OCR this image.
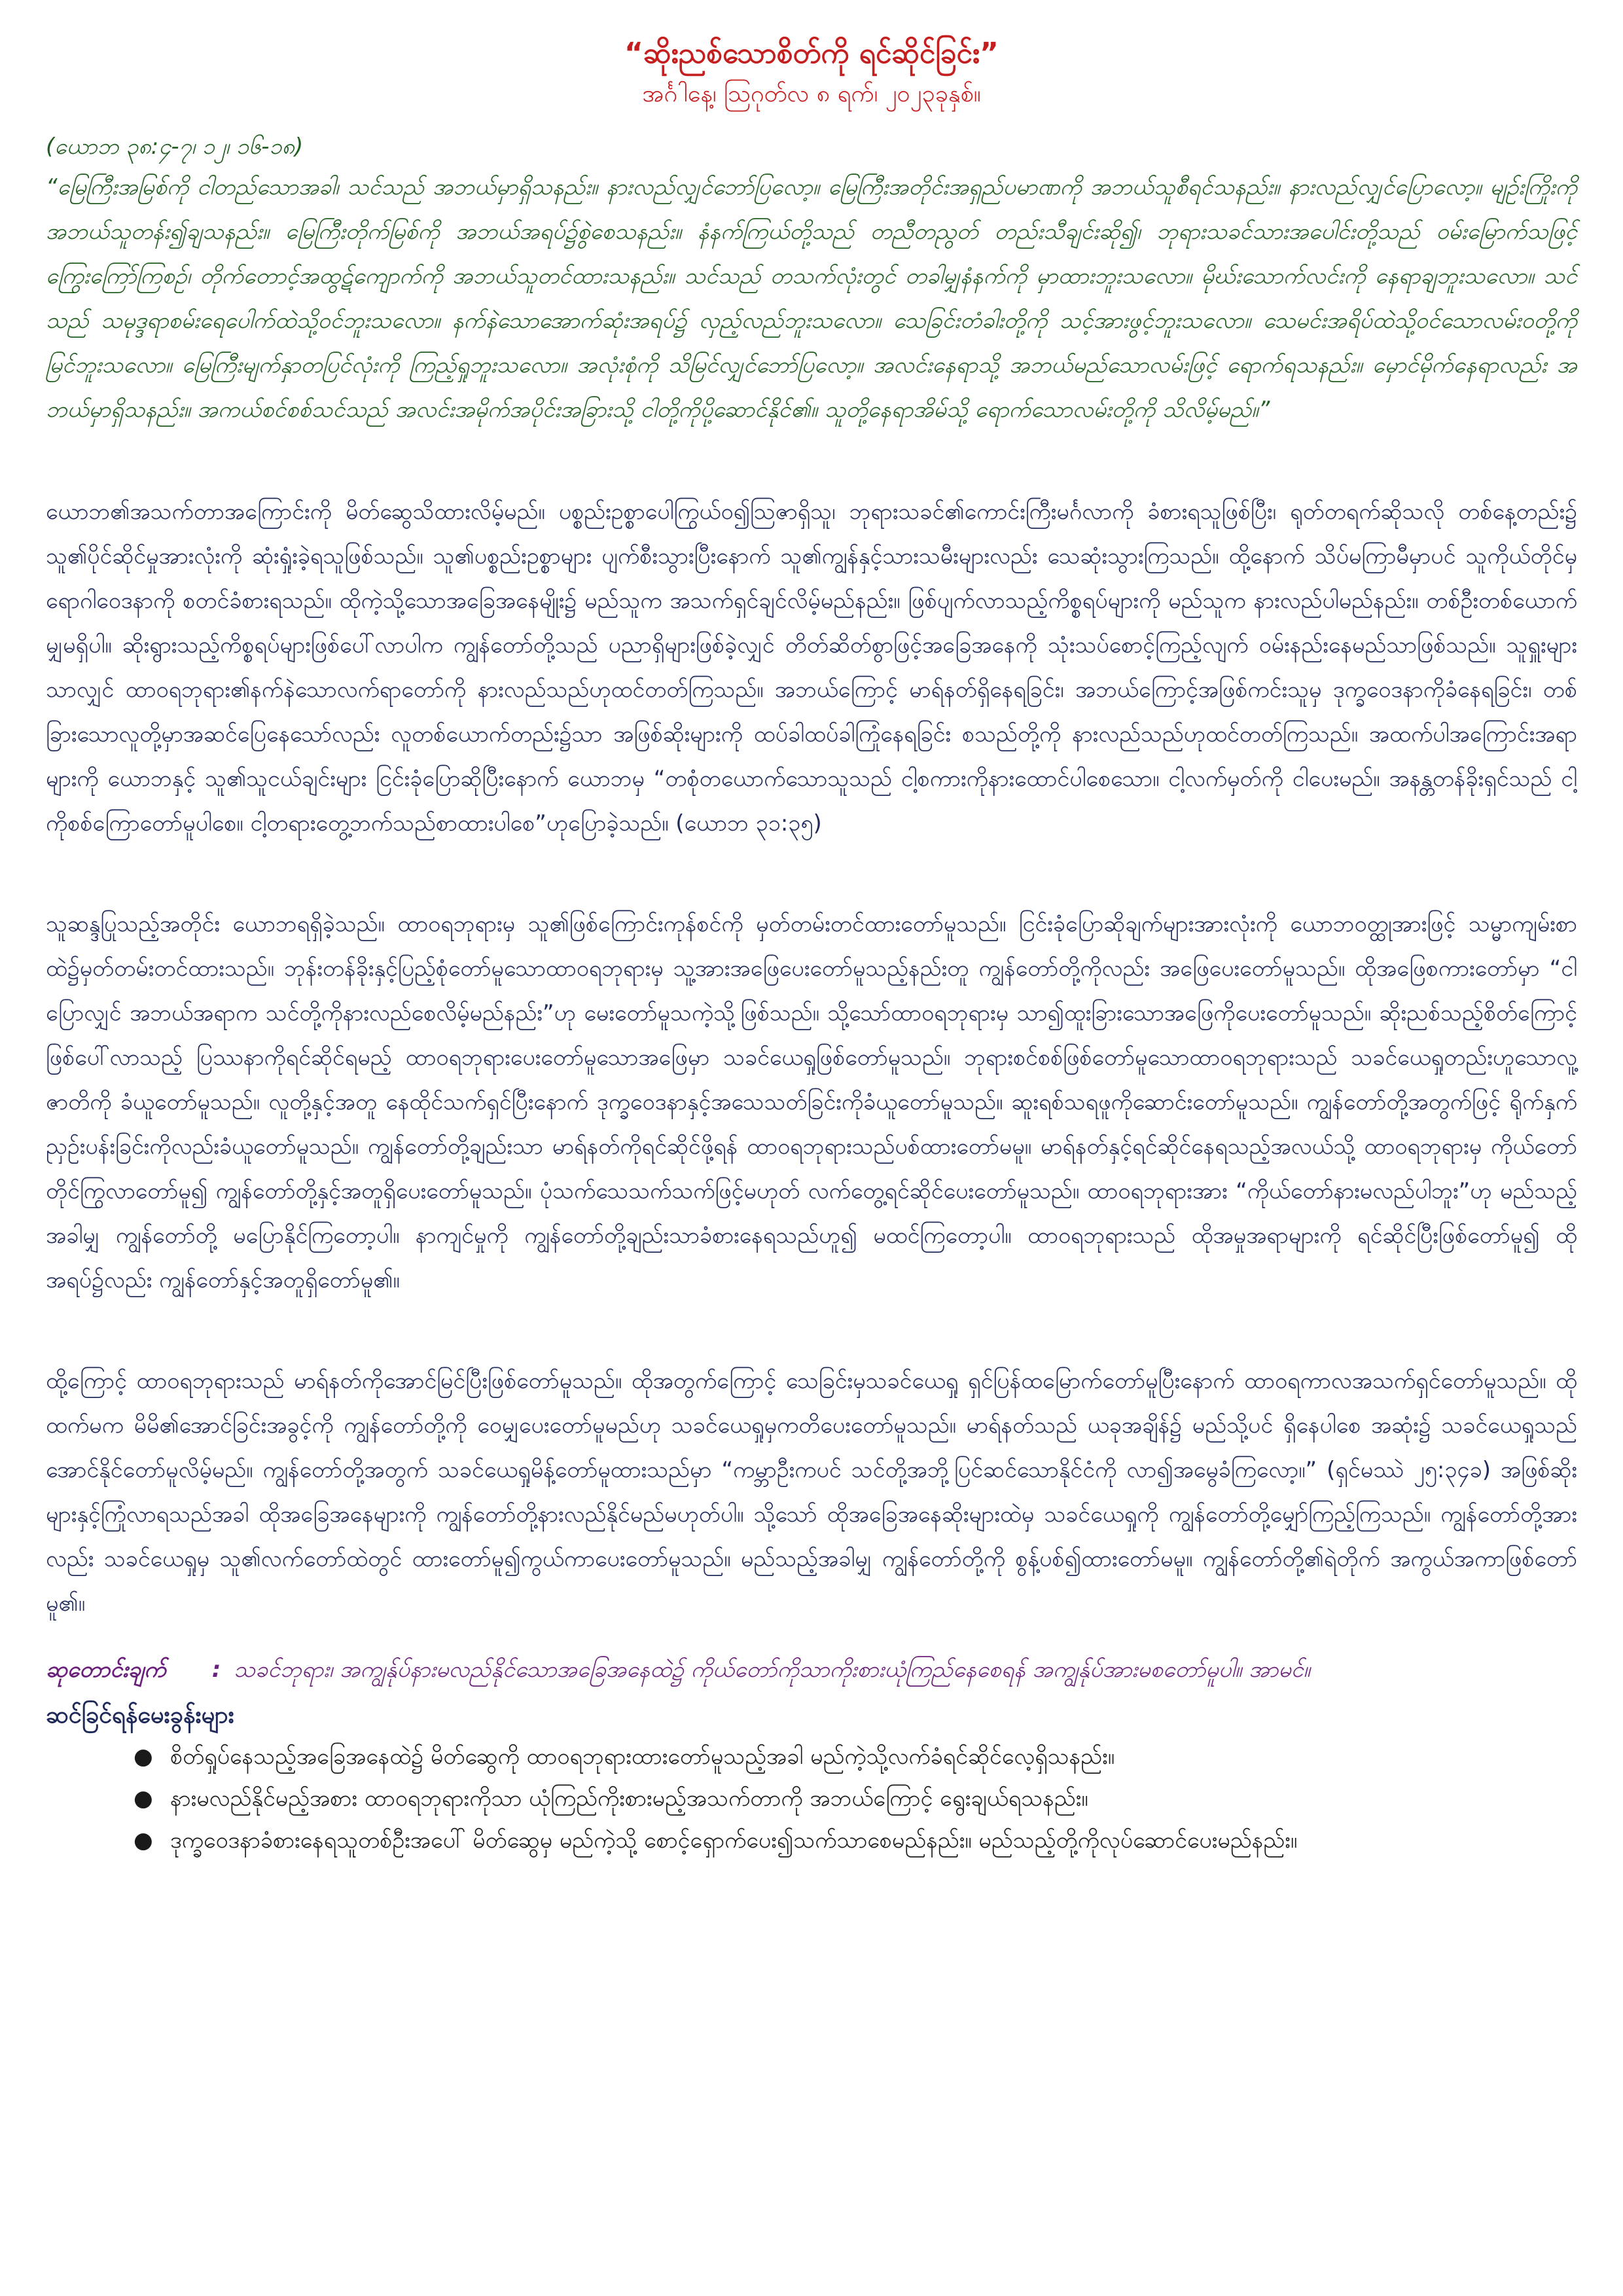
“ဆိုးညစ်သောစိတ်ကို ရင်ဆိုင်ခြင်း”

အင်္ဂါနေ့၊ ဩဂုတ်လ ၈ ရက်၊ ၂၀၂၃ခုနှစ်။

(ယောဘ ၃၈:၄-၇၊ ၁၂၊ ၁၆-၁၈)

“မြေကြီးအမြစ်ကို ငါတည်သောအခါ၊ သင်သည် အဘယ်မှာရှိသနည်း။ နားလည်လျှင်ဘော်ပြလော့။ မြေကြီးအတိုင်းအရှည်ပမာဏကို အဘယ်သူစီရင်သနည်း။ နားလည်လျှင်ပြောလော့။ မျဉ်းကြိုးကို အဘယ်သူတန်း၍ချသနည်း။ မြေကြီးတိုက်မြစ်ကို အဘယ်အရပ်၌စွဲစေသနည်း။ နံနက်ကြယ်တို့သည် တညီတညွတ် တည်းသီချင်းဆို၍၊ ဘုရားသခင်သားအပေါင်းတို့သည် ဝမ်းမြောက်သဖြင့် ကြွေးကြော်ကြစဉ်၊ တိုက်တောင့်အထွဋ်ကျောက်ကို အဘယ်သူတင်ထားသနည်း။ သင်သည် တသက်လုံးတွင် တခါမျှနံနက်ကို မှာထားဘူးသလော။ မိုဃ်းသောက်လင်းကို နေရာချဘူးသလော။ သင်သည် သမုဒ္ဒရာစမ်းရေပေါက်ထဲသို့ဝင်ဘူးသလော။ နက်နဲသောအောက်ဆုံးအရပ်၌ လှည့်လည်ဘူးသလော။ သေခြင်းတံခါးတို့ကို သင့်အားဖွင့်ဘူးသလော။ သေမင်းအရိပ်ထဲသို့ဝင်သောလမ်းဝတို့ကို မြင်ဘူးသလော။ မြေကြီးမျက်နှာတပြင်လုံးကို ကြည့်ရှုဘူးသလော။ အလုံးစုံကို သိမြင်လျှင်ဘော်ပြလော့။ အလင်းနေရာသို့ အဘယ်မည်သောလမ်းဖြင့် ရောက်ရသနည်း။ မှောင်မိုက်နေရာလည်း အဘယ်မှာရှိသနည်း။ အကယ်စင်စစ်သင်သည် အလင်းအမိုက်အပိုင်းအခြားသို့ ငါတို့ကိုပို့ဆောင်နိုင်၏။ သူတို့နေရာအိမ်သို့ ရောက်သောလမ်းတို့ကို သိလိမ့်မည်။”

ယောဘ၏အသက်တာအကြောင်းကို မိတ်ဆွေသိထားလိမ့်မည်။ ပစ္စည်းဥစ္စာပေါကြွယ်ဝ၍သြဇာရှိသူ၊ ဘုရားသခင်၏ကောင်းကြီးမင်္ဂလာကို ခံစားရသူဖြစ်ပြီး၊ ရုတ်တရက်ဆိုသလို တစ်နေ့တည်း၌ သူ၏ပိုင်ဆိုင်မှုအားလုံးကို ဆုံးရှုံးခဲ့ရသူဖြစ်သည်။ သူ၏ပစ္စည်းဥစ္စာများ ပျက်စီးသွားပြီးနောက် သူ၏ကျွန်နှင့်သားသမီးများလည်း သေဆုံးသွားကြသည်။ ထို့နောက် သိပ်မကြာမီမှာပင် သူကိုယ်တိုင်မှ ရောဂါဝေဒနာကို စတင်ခံစားရသည်။ ထိုကဲ့သို့သောအခြေအနေမျိုး၌ မည်သူက အသက်ရှင်ချင်လိမ့်မည်နည်း။ ဖြစ်ပျက်လာသည့်ကိစ္စရပ်များကို မည်သူက နားလည်ပါမည်နည်း။ တစ်ဦးတစ်ယောက်မျှမရှိပါ။ ဆိုးရွားသည့်ကိစ္စရပ်များဖြစ်ပေါ်လာပါက ကျွန်တော်တို့သည် ပညာရှိများဖြစ်ခဲ့လျှင် တိတ်ဆိတ်စွာဖြင့်အခြေအနေကို သုံးသပ်စောင့်ကြည့်လျက် ဝမ်းနည်းနေမည်သာဖြစ်သည်။ သူရှူးများသာလျှင် ထာဝရဘုရား၏နက်နဲသောလက်ရာတော်ကို နားလည်သည်ဟုထင်တတ်ကြသည်။ အဘယ်ကြောင့် မာရ်နတ်ရှိနေရခြင်း၊ အဘယ်ကြောင့်အဖြစ်ကင်းသူမှ ဒုက္ခဝေဒနာကိုခံနေရခြင်း၊ တစ်ခြားသောလူတို့မှာအဆင်ပြေနေသော်လည်း လူတစ်ယောက်တည်း၌သာ အဖြစ်ဆိုးများကို ထပ်ခါထပ်ခါကြုံနေရခြင်း စသည်တို့ကို နားလည်သည်ဟုထင်တတ်ကြသည်။ အထက်ပါအကြောင်းအရာများကို ယောဘနှင့် သူ၏သူငယ်ချင်းများ ငြင်းခုံပြောဆိုပြီးနောက် ယောဘမှ “တစုံတယောက်သောသူသည် ငါ့စကားကိုနားထောင်ပါစေသော။ ငါ့လက်မှတ်ကို ငါပေးမည်။ အနန္တတန်ခိုးရှင်သည် ငါ့ကိုစစ်ကြောတော်မူပါစေ။ ငါ့တရားတွေ့ဘက်သည်စာထားပါစေ”ဟုပြောခဲ့သည်။ (ယောဘ ၃၁:၃၅)

သူဆန္ဒပြုသည့်အတိုင်း ယောဘရရှိခဲ့သည်။ ထာဝရဘုရားမှ သူ၏ဖြစ်ကြောင်းကုန်စင်ကို မှတ်တမ်းတင်ထားတော်မူသည်။ ငြင်းခုံပြောဆိုချက်များအားလုံးကို ယောဘဝတ္ထုအားဖြင့် သမ္မာကျမ်းစာထဲ၌မှတ်တမ်းတင်ထားသည်။ ဘုန်းတန်ခိုးနှင့်ပြည့်စုံတော်မူသောထာဝရဘုရားမှ သူ့အားအဖြေပေးတော်မူသည့်နည်းတူ ကျွန်တော်တို့ကိုလည်း အဖြေပေးတော်မူသည်။ ထိုအဖြေစကားတော်မှာ “ငါပြောလျှင် အဘယ်အရာက သင်တို့ကိုနားလည်စေလိမ့်မည်နည်း”ဟု မေးတော်မူသကဲ့သို့ဖြစ်သည်။ သို့သော်ထာဝရဘုရားမှ သာ၍ထူးခြားသောအဖြေကိုပေးတော်မူသည်။ ဆိုးညစ်သည့်စိတ်ကြောင့်ဖြစ်ပေါ်လာသည့် ပြဿနာကိုရင်ဆိုင်ရမည့် ထာဝရဘုရားပေးတော်မူသောအဖြေမှာ သခင်ယေရှုဖြစ်တော်မူသည်။ ဘုရားစင်စစ်ဖြစ်တော်မူသောထာဝရဘုရားသည် သခင်ယေရှုတည်းဟူသောလူ့ဇာတိကို ခံယူတော်မူသည်။ လူတို့နှင့်အတူ နေထိုင်သက်ရှင်ပြီးနောက် ဒုက္ခဝေဒနာနှင့်အသေသတ်ခြင်းကိုခံယူတော်မူသည်။ ဆူးရစ်သရဖူကိုဆောင်းတော်မူသည်။ ကျွန်တော်တို့အတွက်ဖြင့် ရိုက်နှက်ညှဉ်းပန်းခြင်းကိုလည်းခံယူတော်မူသည်။ ကျွန်တော်တို့ချည်းသာ မာရ်နတ်ကိုရင်ဆိုင်ဖို့ရန် ထာဝရဘုရားသည်ပစ်ထားတော်မမူ။ မာရ်နတ်နှင့်ရင်ဆိုင်နေရသည့်အလယ်သို့ ထာဝရဘုရားမှ ကိုယ်တော်တိုင်ကြွလာတော်မူ၍ ကျွန်တော်တို့နှင့်အတူရှိပေးတော်မူသည်။ ပုံသက်သေသက်သက်ဖြင့်မဟုတ် လက်တွေ့ရင်ဆိုင်ပေးတော်မူသည်။ ထာဝရဘုရားအား “ကိုယ်တော်နားမလည်ပါဘူး”ဟု မည်သည့်အခါမျှ ကျွန်တော်တို့ မပြောနိုင်ကြတော့ပါ။ နာကျင်မှုကို ကျွန်တော်တို့ချည်းသာခံစားနေရသည်ဟူ၍ မထင်ကြတော့ပါ။ ထာဝရဘုရားသည် ထိုအမှုအရာများကို ရင်ဆိုင်ပြီးဖြစ်တော်မူ၍ ထိုအရပ်၌လည်း ကျွန်တော်နှင့်အတူရှိတော်မူ၏။

ထို့ကြောင့် ထာဝရဘုရားသည် မာရ်နတ်ကိုအောင်မြင်ပြီးဖြစ်တော်မူသည်။ ထိုအတွက်ကြောင့် သေခြင်းမှသခင်ယေရှု ရှင်ပြန်ထမြောက်တော်မူပြီးနောက် ထာဝရကာလအသက်ရှင်တော်မူသည်။ ထိုထက်မက မိမိ၏အောင်ခြင်းအခွင့်ကို ကျွန်တော်တို့ကို ဝေမျှပေးတော်မူမည်ဟု သခင်ယေရှုမှကတိပေးတော်မူသည်။ မာရ်နတ်သည် ယခုအချိန်၌ မည်သို့ပင် ရှိနေပါစေ အဆုံး၌ သခင်ယေရှုသည် အောင်နိုင်တော်မူလိမ့်မည်။ ကျွန်တော်တို့အတွက် သခင်ယေရှုမိန့်တော်မူထားသည်မှာ “ကမ္ဘာဦးကပင် သင်တို့အဘို့ပြင်ဆင်သောနိုင်ငံကို လာ၍အမွေခံကြလော့။” (ရှင်မဿဲ ၂၅:၃၄ခ) အဖြစ်ဆိုးများနှင့်ကြုံလာရသည်အခါ ထိုအခြေအနေများကို ကျွန်တော်တို့နားလည်နိုင်မည်မဟုတ်ပါ။ သို့သော် ထိုအခြေအနေဆိုးများထဲမှ သခင်ယေရှုကို ကျွန်တော်တို့မျှော်ကြည့်ကြသည်။ ကျွန်တော်တို့အားလည်း သခင်ယေရှုမှ သူ၏လက်တော်ထဲတွင် ထားတော်မူ၍ကွယ်ကာပေးတော်မူသည်။ မည်သည့်အခါမျှ ကျွန်တော်တို့ကို စွန့်ပစ်၍ထားတော်မမူ။ ကျွန်တော်တို့၏ရဲတိုက် အကွယ်အကာဖြစ်တော်မူ၏။

ဆုတောင်းချက် : သခင်ဘုရား၊ အကျွန်ုပ်နားမလည်နိုင်သောအခြေအနေထဲ၌ ကိုယ်တော်ကိုသာကိုးစားယုံကြည်နေစေရန် အကျွန်ုပ်အားမစတော်မူပါ။ အာမင်။

ဆင်ခြင်ရန်မေးခွန်းများ
● စိတ်ရှုပ်နေသည့်အခြေအနေထဲ၌ မိတ်ဆွေကို ထာဝရဘုရားထားတော်မူသည့်အခါ မည်ကဲ့သို့လက်ခံရင်ဆိုင်လေ့ရှိသနည်း။
● နားမလည်နိုင်မည့်အစား ထာဝရဘုရားကိုသာ ယုံကြည်ကိုးစားမည့်အသက်တာကို အဘယ်ကြောင့် ရွေးချယ်ရသနည်း။
● ဒုက္ခဝေဒနာခံစားနေရသူတစ်ဦးအပေါ် မိတ်ဆွေမှ မည်ကဲ့သို့ စောင့်ရှောက်ပေး၍သက်သာစေမည်နည်း။ မည်သည့်တို့ကိုလုပ်ဆောင်ပေးမည်နည်း။
